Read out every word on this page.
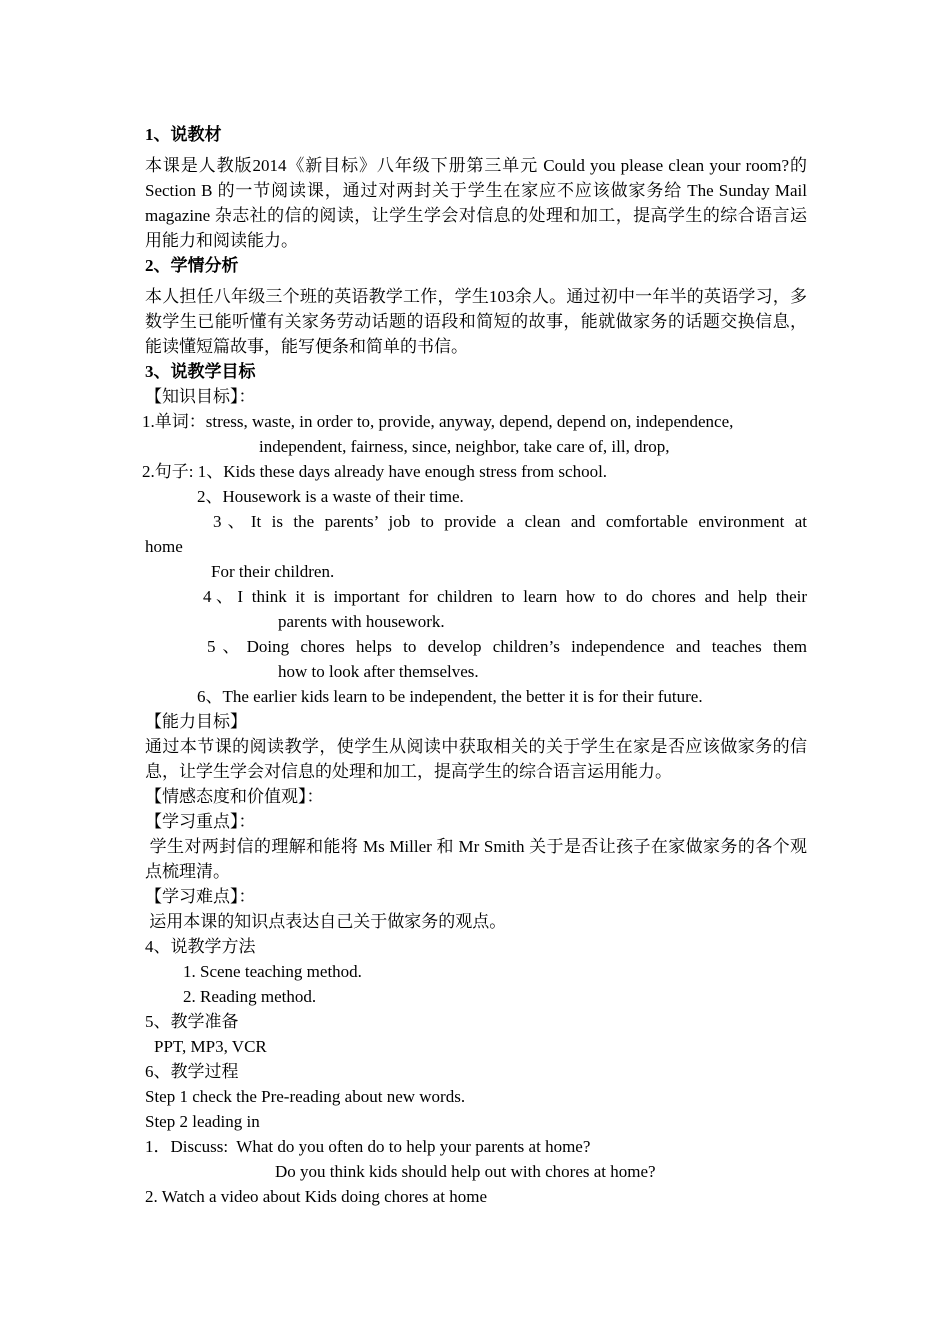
1、说教材
本课是人教版2014《新目标》八年级下册第三单元 Could you please clean your room?的 Section B 的一节阅读课，通过对两封关于学生在家应不应该做家务给 The Sunday Mail magazine 杂志社的信的阅读，让学生学会对信息的处理和加工，提高学生的综合语言运用能力和阅读能力。
2、学情分析
本人担任八年级三个班的英语教学工作，学生103余人。通过初中一年半的英语学习，多数学生已能听懂有关家务劳动话题的语段和简短的故事，能就做家务的话题交换信息，能读懂短篇故事，能写便条和简单的书信。
3、说教学目标
【知识目标】：
1.单词：stress, waste, in order to, provide, anyway, depend, depend on, independence,
independent, fairness, since, neighbor, take care of, ill, drop,
2.句子: 1、Kids these days already have enough stress from school.
2、Housework is a waste of their time.
3、It is the parents’ job to provide a clean and comfortable environment at
home
For their children.
4、I think it is important for children to learn how to do chores and help their
parents with housework.
5、Doing chores helps to develop children’s independence and teaches them
how to look after themselves.
6、The earlier kids learn to be independent, the better it is for their future.
【能力目标】
通过本节课的阅读教学，使学生从阅读中获取相关的关于学生在家是否应该做家务的信息，让学生学会对信息的处理和加工，提高学生的综合语言运用能力。
【情感态度和价值观】：
【学习重点】：
学生对两封信的理解和能将 Ms Miller 和 Mr Smith 关于是否让孩子在家做家务的各个观点梳理清。
【学习难点】：
运用本课的知识点表达自己关于做家务的观点。
4、说教学方法
1. Scene teaching method.
2. Reading method.
5、教学准备
PPT, MP3, VCR
6、教学过程
Step 1 check the Pre-reading about new words.
Step 2 leading in
1．Discuss:  What do you often do to help your parents at home?
Do you think kids should help out with chores at home?
2. Watch a video about Kids doing chores at home
